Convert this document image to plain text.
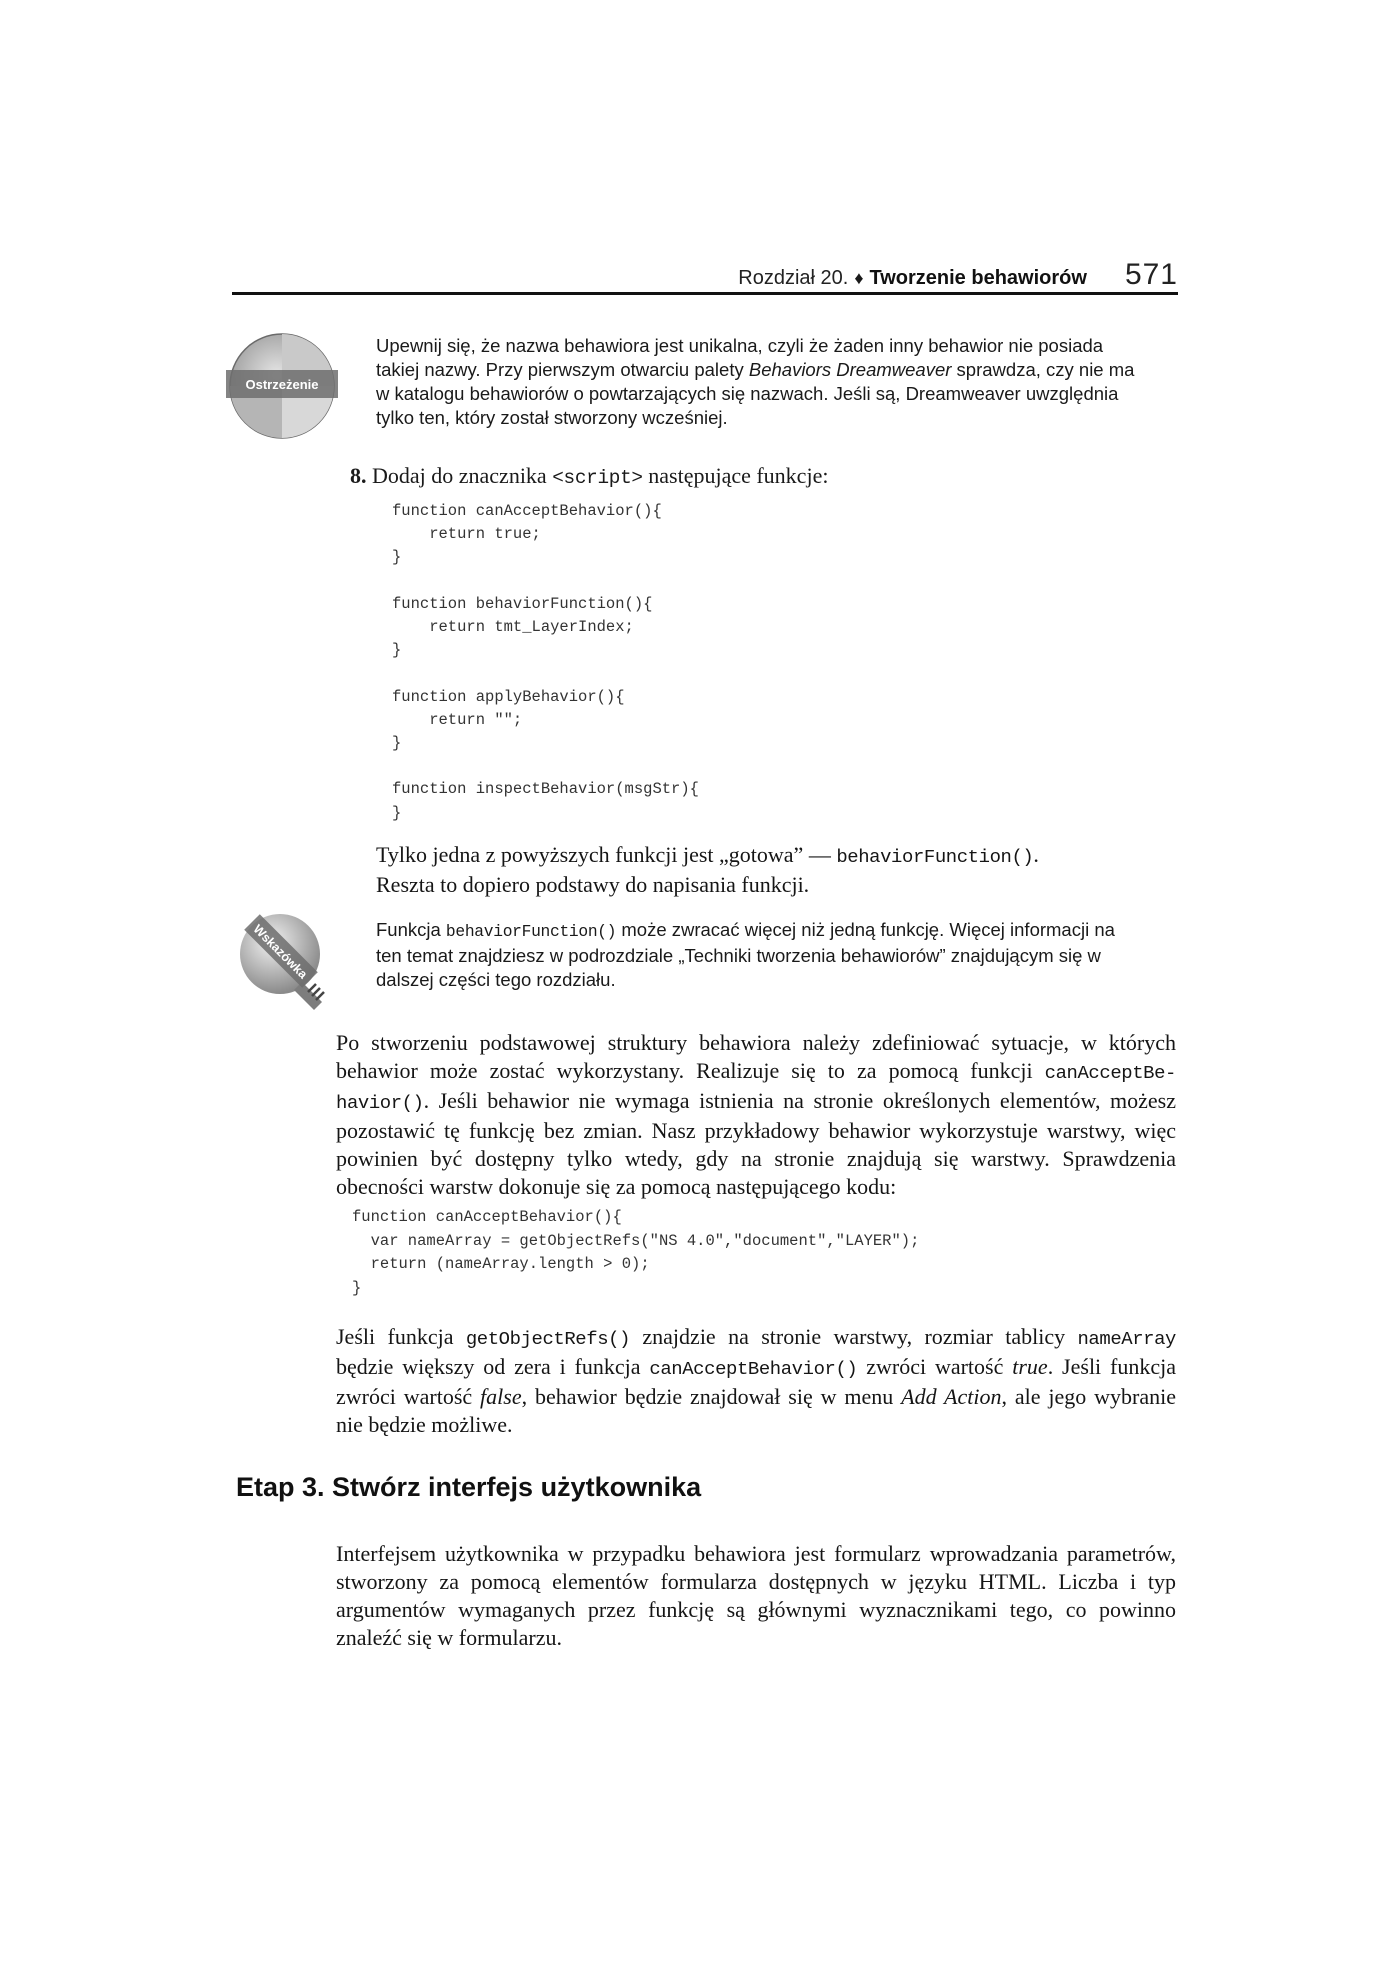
Rozdział 20. ♦ Tworzenie behawiorów 571
Ostrzeżenie

Upewnij się, że nazwa behawiora jest unikalna, czyli że żaden inny behawior nie posiada takiej nazwy. Przy pierwszym otwarciu palety Behaviors Dreamweaver sprawdza, czy nie ma w katalogu behawiorów o powtarzających się nazwach. Jeśli są, Dreamweaver uwzględnia tylko ten, który został stworzony wcześniej.

8. Dodaj do znacznika <script> następujące funkcje:
function canAcceptBehavior(){
return true;
}

function behaviorFunction(){
return tmt_LayerIndex;
}

function applyBehavior(){
return "";
}

function inspectBehavior(msgStr){
}

Tylko jedna z powyższych funkcji jest „gotowa” — behaviorFunction().
Reszta to dopiero podstawy do napisania funkcji.

Wskazówka	Funkcja behaviorFunction() może zwracać więcej niż jedną funkcję. Więcej informacji na ten temat znajdziesz w podrozdziale „Techniki tworzenia behawiorów” znajdującym się w dalszej części tego rozdziału.

Po stworzeniu podstawowej struktury behawiora należy zdefiniować sytuacje, w których behawior może zostać wykorzystany. Realizuje się to za pomocą funkcji canAcceptBe-havior(). Jeśli behawior nie wymaga istnienia na stronie określonych elementów, możesz pozostawić tę funkcję bez zmian. Nasz przykładowy behawior wykorzystuje warstwy, więc powinien być dostępny tylko wtedy, gdy na stronie znajdują się warstwy. Sprawdzenia obecności warstw dokonuje się za pomocą następującego kodu:

function canAcceptBehavior(){
var nameArray = getObjectRefs("NS 4.0","document","LAYER");
return (nameArray.length > 0);
}

Jeśli funkcja getObjectRefs() znajdzie na stronie warstwy, rozmiar tablicy nameArray będzie większy od zera i funkcja canAcceptBehavior() zwróci wartość true. Jeśli funkcja zwróci wartość false, behawior będzie znajdował się w menu Add Action, ale jego wybranie nie będzie możliwe.

Etap 3. Stwórz interfejs użytkownika

Interfejsem użytkownika w przypadku behawiora jest formularz wprowadzania parametrów, stworzony za pomocą elementów formularza dostępnych w języku HTML. Liczba i typ argumentów wymaganych przez funkcję są głównymi wyznacznikami tego, co powinno znaleźć się w formularzu.
